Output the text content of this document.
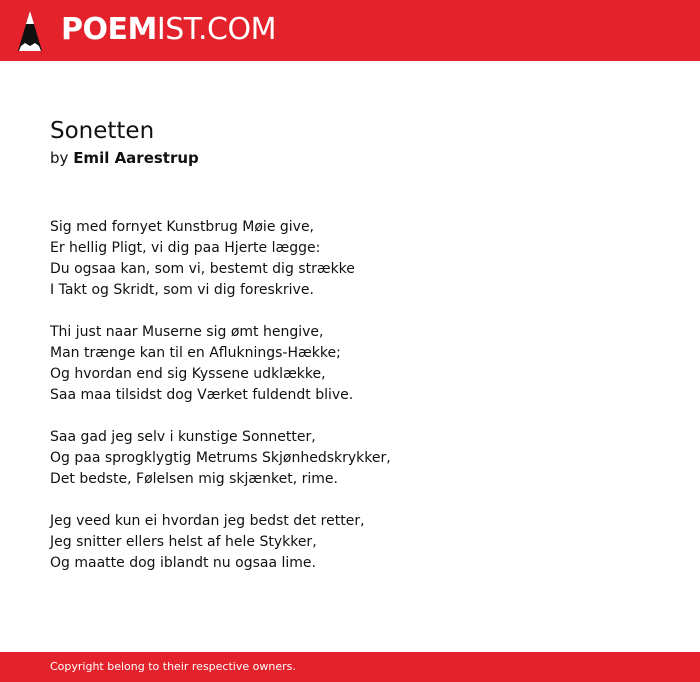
POEMIST.COM
Sonetten
by Emil Aarestrup
Sig med fornyet Kunstbrug Møie give,
Er hellig Pligt, vi dig paa Hjerte lægge:
Du ogsaa kan, som vi, bestemt dig strække
I Takt og Skridt, som vi dig foreskrive.
Thi just naar Muserne sig ømt hengive,
Man trænge kan til en Afluknings-Hække;
Og hvordan end sig Kyssene udklække,
Saa maa tilsidst dog Værket fuldendt blive.
Saa gad jeg selv i kunstige Sonnetter,
Og paa sprogklygtig Metrums Skjønhedskrykker,
Det bedste, Følelsen mig skjænket, rime.
Jeg veed kun ei hvordan jeg bedst det retter,
Jeg snitter ellers helst af hele Stykker,
Og maatte dog iblandt nu ogsaa lime.
Copyright belong to their respective owners.
